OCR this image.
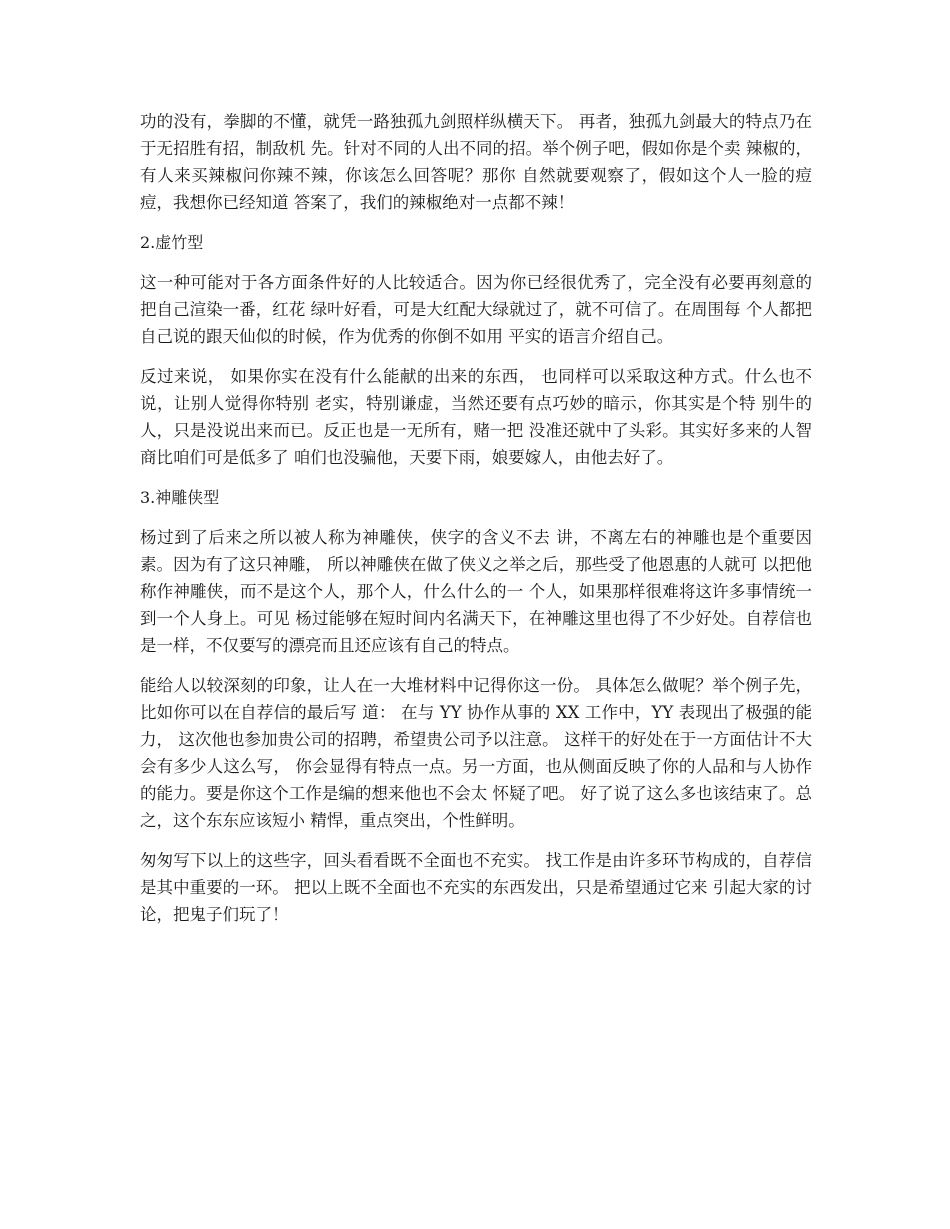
功的没有，拳脚的不懂，就凭一路独孤九剑照样纵横天下。 再者，独孤九剑最大的特点乃在于无招胜有招，制敌机 先。针对不同的人出不同的招。举个例子吧，假如你是个卖 辣椒的，有人来买辣椒问你辣不辣，你该怎么回答呢？那你 自然就要观察了，假如这个人一脸的痘痘，我想你已经知道 答案了，我们的辣椒绝对一点都不辣！

2.虚竹型

这一种可能对于各方面条件好的人比较适合。因为你已经很优秀了，完全没有必要再刻意的把自己渲染一番，红花 绿叶好看，可是大红配大绿就过了，就不可信了。在周围每 个人都把自己说的跟天仙似的时候，作为优秀的你倒不如用 平实的语言介绍自己。

反过来说， 如果你实在没有什么能献的出来的东西， 也同样可以采取这种方式。什么也不说，让别人觉得你特别 老实，特别谦虚，当然还要有点巧妙的暗示，你其实是个特 别牛的人，只是没说出来而已。反正也是一无所有，赌一把 没准还就中了头彩。其实好多来的人智商比咱们可是低多了 咱们也没骗他，天要下雨，娘要嫁人，由他去好了。

3.神雕侠型

杨过到了后来之所以被人称为神雕侠，侠字的含义不去 讲，不离左右的神雕也是个重要因素。因为有了这只神雕， 所以神雕侠在做了侠义之举之后，那些受了他恩惠的人就可 以把他称作神雕侠，而不是这个人，那个人，什么什么的一 个人，如果那样很难将这许多事情统一到一个人身上。可见 杨过能够在短时间内名满天下，在神雕这里也得了不少好处。自荐信也是一样，不仅要写的漂亮而且还应该有自己的特点。

能给人以较深刻的印象，让人在一大堆材料中记得你这一份。 具体怎么做呢？举个例子先，比如你可以在自荐信的最后写 道： 在与 YY 协作从事的 XX 工作中，YY 表现出了极强的能力， 这次他也参加贵公司的招聘，希望贵公司予以注意。 这样干的好处在于一方面估计不大会有多少人这么写， 你会显得有特点一点。另一方面，也从侧面反映了你的人品和与人协作的能力。要是你这个工作是编的想来他也不会太 怀疑了吧。 好了说了这么多也该结束了。总之，这个东东应该短小 精悍，重点突出，个性鲜明。

匆匆写下以上的这些字，回头看看既不全面也不充实。 找工作是由许多环节构成的，自荐信是其中重要的一环。 把以上既不全面也不充实的东西发出，只是希望通过它来 引起大家的讨论，把鬼子们玩了！
